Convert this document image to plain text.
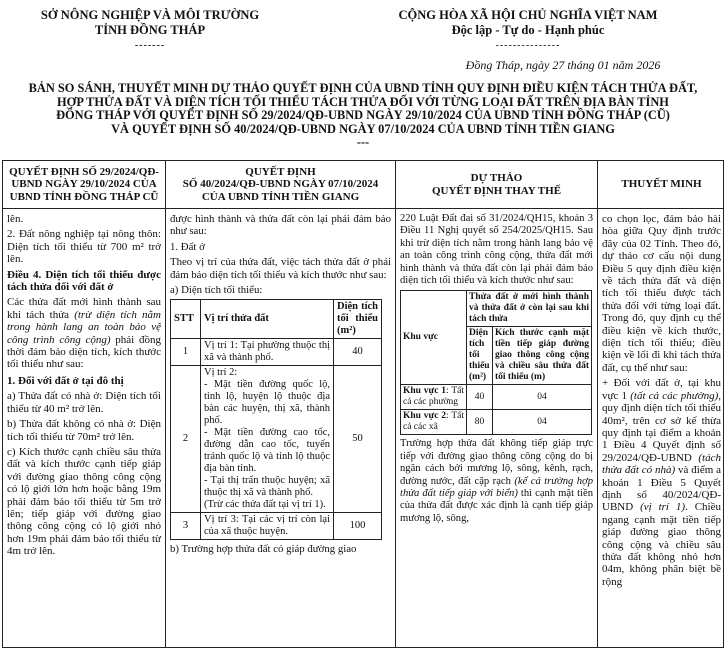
SỞ NÔNG NGHIỆP VÀ MÔI TRƯỜNG
TỈNH ĐỒNG THÁP
-------
CỘNG HÒA XÃ HỘI CHỦ NGHĨA VIỆT NAM
Độc lập - Tự do - Hạnh phúc
---------------
Đồng Tháp, ngày 27 tháng 01 năm 2026
BẢN SO SÁNH, THUYẾT MINH DỰ THẢO QUYẾT ĐỊNH CỦA UBND TỈNH QUY ĐỊNH ĐIỀU KIỆN TÁCH THỬA ĐẤT,
HỢP THỬA ĐẤT VÀ DIỆN TÍCH TỐI THIỂU TÁCH THỬA ĐỐI VỚI TỪNG LOẠI ĐẤT TRÊN ĐỊA BÀN TỈNH
ĐỒNG THÁP VỚI QUYẾT ĐỊNH SỐ 29/2024/QĐ-UBND NGÀY 29/10/2024 CỦA UBND TỈNH ĐỒNG THÁP (CŨ)
VÀ QUYẾT ĐỊNH SỐ 40/2024/QĐ-UBND NGÀY 07/10/2024 CỦA UBND TỈNH TIỀN GIANG
---
QUYẾT ĐỊNH SỐ 29/2024/QĐ-
UBND NGÀY 29/10/2024 CỦA
UBND TỈNH ĐỒNG THÁP CŨ

lên.

2. Đất nông nghiệp tại nông thôn: Diện tích tối thiểu từ 700 m² trở lên.

Điều 4. Diện tích tối thiểu được tách thửa đối với đất ở

Các thửa đất mới hình thành sau khi tách thửa (trừ diện tích nằm trong hành lang an toàn bảo vệ công trình công cộng) phải đồng thời đảm bảo diện tích, kích thước tối thiểu như sau:

1. Đối với đất ở tại đô thị

a) Thửa đất có nhà ở: Diện tích tối thiểu từ 40 m² trở lên.

b) Thửa đất không có nhà ở: Diện tích tối thiểu từ 70m² trở lên.

c) Kích thước cạnh chiều sâu thửa đất và kích thước cạnh tiếp giáp với đường giao thông công cộng có lộ giới lớn hơn hoặc bằng 19m phải đảm bảo tối thiểu từ 5m trở lên; tiếp giáp với đường giao thông công cộng có lộ giới nhỏ hơn 19m phải đảm bảo tối thiểu từ 4m trở lên.

QUYẾT ĐỊNH
SỐ 40/2024/QĐ-UBND NGÀY 07/10/2024
CỦA UBND TỈNH TIỀN GIANG

được hình thành và thửa đất còn lại phải đảm bảo như sau:

1. Đất ở

Theo vị trí của thửa đất, việc tách thửa đất ở phải đảm bảo diện tích tối thiểu và kích thước như sau:

a) Diện tích tối thiểu:

STT	Vị trí thửa đất	Diện tích tối thiểu (m²)
1	Vị trí 1: Tại phường thuộc thị xã và thành phố.	40
2	Vị trí 2:
- Mặt tiền đường quốc lộ, tỉnh lộ, huyện lộ thuộc địa bàn các huyện, thị xã, thành phố.
- Mặt tiền đường cao tốc, đường dẫn cao tốc, tuyến tránh quốc lộ và tỉnh lộ thuộc địa bàn tỉnh.
- Tại thị trấn thuộc huyện; xã thuộc thị xã và thành phố.
(Trừ các thửa đất tại vị trí 1).	50
3	Vị trí 3: Tại các vị trí còn lại của xã thuộc huyện.	100

b) Trường hợp thửa đất có giáp đường giao

DỰ THẢO
QUYẾT ĐỊNH THAY THẾ

220 Luật Đất đai số 31/2024/QH15, khoản 3 Điều 11 Nghị quyết số 254/2025/QH15. Sau khi trừ diện tích nằm trong hành lang bảo vệ an toàn công trình công cộng, thửa đất mới hình thành và thửa đất còn lại phải đảm bảo diện tích tối thiểu và kích thước như sau:

Khu vực	Thửa đất ở mới hình thành và thửa đất ở còn lại sau khi tách thửa	
	Diện tích tối thiểu (m²)	Kích thước cạnh mặt tiền tiếp giáp đường giao thông công cộng và chiều sâu thửa đất tối thiểu (m)
Khu vực 1: Tất cả các phường	40	04
Khu vực 2: Tất cả các xã	80	04

Trường hợp thửa đất không tiếp giáp trực tiếp với đường giao thông công cộng do bị ngăn cách bởi mương lộ, sông, kênh, rạch, đường nước, đất cặp rạch (kể cả trường hợp thửa đất tiếp giáp với biển) thì cạnh mặt tiền của thửa đất được xác định là cạnh tiếp giáp mương lộ, sông,

THUYẾT MINH

co chọn lọc, đảm bảo hài hòa giữa Quy định trước đây của 02 Tỉnh. Theo đó, dự thảo cơ cấu nội dung Điều 5 quy định điều kiện về tách thửa đất và diện tích tối thiểu được tách thửa đối với từng loại đất. Trong đó, quy định cụ thể điều kiện về kích thước, diện tích tối thiểu; điều kiện về lối đi khi tách thửa đất, cụ thể như sau:

+ Đối với đất ở, tại khu vực 1 (tất cả các phường), quy định diện tích tối thiểu 40m², trên cơ sở kế thừa quy định tại điểm a khoản 1 Điều 4 Quyết định số 29/2024/QĐ-UBND (tách thửa đất có nhà) và điểm a khoản 1 Điều 5 Quyết định số 40/2024/QĐ-UBND (vị trí 1). Chiều ngang cạnh mặt tiền tiếp giáp đường giao thông công cộng và chiều sâu thửa đất không nhỏ hơn 04m, không phân biệt bề rộng
